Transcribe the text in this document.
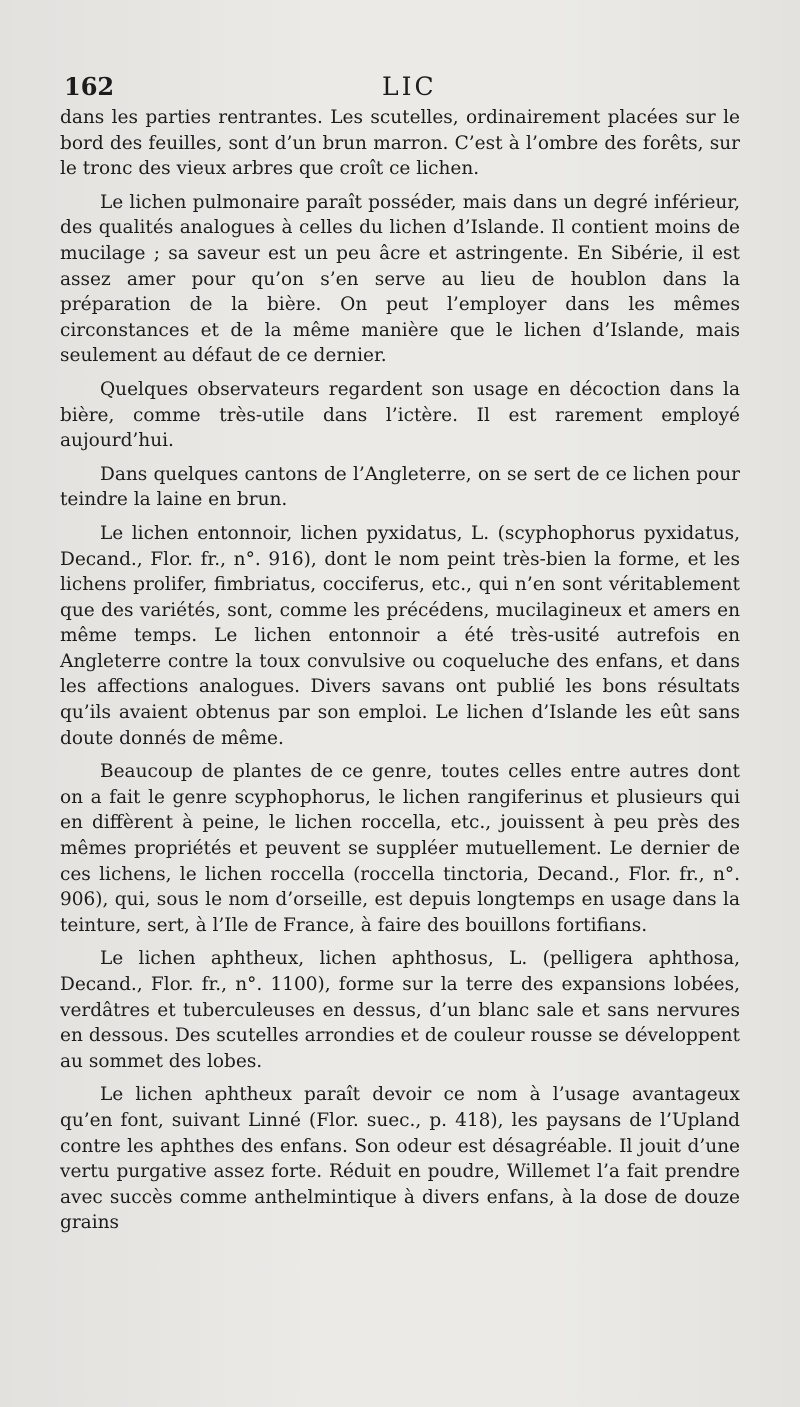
162	LIC

dans les parties rentrantes. Les scutelles, ordinairement placées sur le bord des feuilles, sont d’un brun marron. C’est à l’ombre des forêts, sur le tronc des vieux arbres que croît ce lichen.

Le lichen pulmonaire paraît posséder, mais dans un degré inférieur, des qualités analogues à celles du lichen d’Islande. Il contient moins de mucilage ; sa saveur est un peu âcre et astringente. En Sibérie, il est assez amer pour qu’on s’en serve au lieu de houblon dans la préparation de la bière. On peut l’employer dans les mêmes circonstances et de la même manière que le lichen d’Islande, mais seulement au défaut de ce dernier.

Quelques observateurs regardent son usage en décoction dans la bière, comme très-utile dans l’ictère. Il est rarement employé aujourd’hui.

Dans quelques cantons de l’Angleterre, on se sert de ce lichen pour teindre la laine en brun.

Le lichen entonnoir, lichen pyxidatus, L. (scyphophorus pyxidatus, Decand., Flor. fr., n°. 916), dont le nom peint très-bien la forme, et les lichens prolifer, fimbriatus, cocciferus, etc., qui n’en sont véritablement que des variétés, sont, comme les précédens, mucilagineux et amers en même temps. Le lichen entonnoir a été très-usité autrefois en Angleterre contre la toux convulsive ou coqueluche des enfans, et dans les affections analogues. Divers savans ont publié les bons résultats qu’ils avaient obtenus par son emploi. Le lichen d’Islande les eût sans doute donnés de même.

Beaucoup de plantes de ce genre, toutes celles entre autres dont on a fait le genre scyphophorus, le lichen rangiferinus et plusieurs qui en diffèrent à peine, le lichen roccella, etc., jouissent à peu près des mêmes propriétés et peuvent se suppléer mutuellement. Le dernier de ces lichens, le lichen roccella (roccella tinctoria, Decand., Flor. fr., n°. 906), qui, sous le nom d’orseille, est depuis longtemps en usage dans la teinture, sert, à l’Ile de France, à faire des bouillons fortifians.

Le lichen aphtheux, lichen aphthosus, L. (pelligera aphthosa, Decand., Flor. fr., n°. 1100), forme sur la terre des expansions lobées, verdâtres et tuberculeuses en dessus, d’un blanc sale et sans nervures en dessous. Des scutelles arrondies et de couleur rousse se développent au sommet des lobes.

Le lichen aphtheux paraît devoir ce nom à l’usage avantageux qu’en font, suivant Linné (Flor. suec., p. 418), les paysans de l’Upland contre les aphthes des enfans. Son odeur est désagréable. Il jouit d’une vertu purgative assez forte. Réduit en poudre, Willemet l’a fait prendre avec succès comme anthelmintique à divers enfans, à la dose de douze grains
